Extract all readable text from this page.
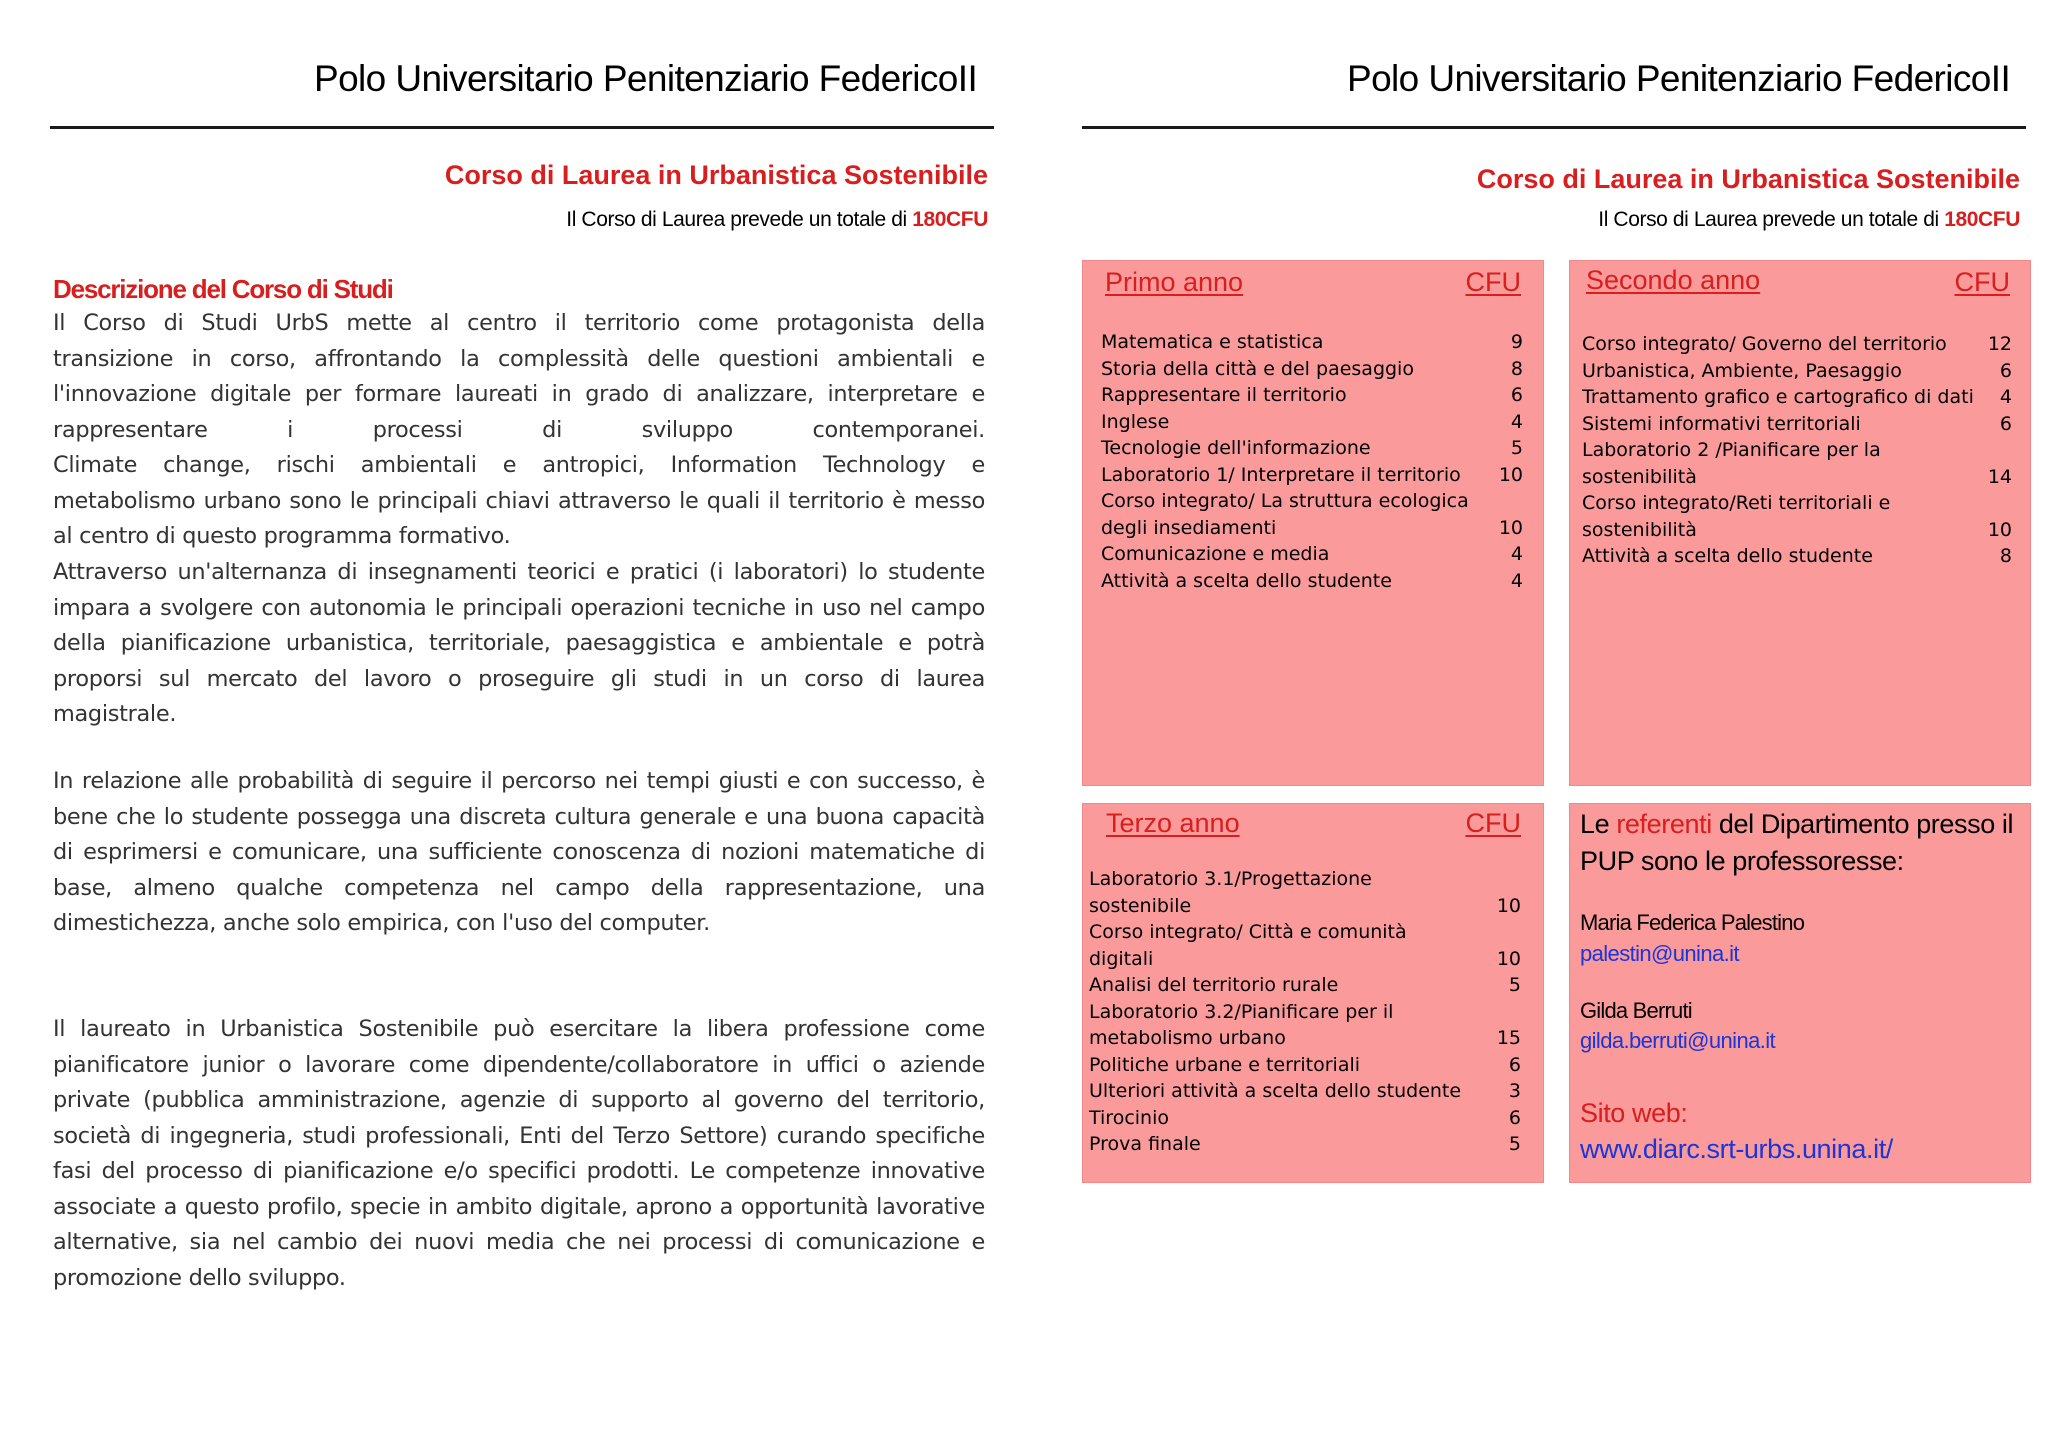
Polo Universitario Penitenziario FedericoII
Corso di Laurea in Urbanistica Sostenibile
Il Corso di Laurea prevede un totale di 180CFU
Descrizione del Corso di Studi
Il Corso di Studi UrbS mette al centro il territorio come protagonista della
transizione in corso, affrontando la complessità delle questioni ambientali e
l'innovazione digitale per formare laureati in grado di analizzare, interpretare e
rappresentare i processi di sviluppo contemporanei.
Climate change, rischi ambientali e antropici, Information Technology e
metabolismo urbano sono le principali chiavi attraverso le quali il territorio è messo
al centro di questo programma formativo.
Attraverso un'alternanza di insegnamenti teorici e pratici (i laboratori) lo studente
impara a svolgere con autonomia le principali operazioni tecniche in uso nel campo
della pianificazione urbanistica, territoriale, paesaggistica e ambientale e potrà
proporsi sul mercato del lavoro o proseguire gli studi in un corso di laurea
magistrale.
In relazione alle probabilità di seguire il percorso nei tempi giusti e con successo, è
bene che lo studente possegga una discreta cultura generale e una buona capacità
di esprimersi e comunicare, una sufficiente conoscenza di nozioni matematiche di
base, almeno qualche competenza nel campo della rappresentazione, una
dimestichezza, anche solo empirica, con l'uso del computer.
Il laureato in Urbanistica Sostenibile può esercitare la libera professione come
pianificatore junior o lavorare come dipendente/collaboratore in uffici o aziende
private (pubblica amministrazione, agenzie di supporto al governo del territorio,
società di ingegneria, studi professionali, Enti del Terzo Settore) curando specifiche
fasi del processo di pianificazione e/o specifici prodotti. Le competenze innovative
associate a questo profilo, specie in ambito digitale, aprono a opportunità lavorative
alternative, sia nel cambio dei nuovi media che nei processi di comunicazione e
promozione dello sviluppo.
Polo Universitario Penitenziario FedericoII
Corso di Laurea in Urbanistica Sostenibile
Il Corso di Laurea prevede un totale di 180CFU
Primo anno	CFU
Matematica e statistica	9
Storia della città e del paesaggio	8
Rappresentare il territorio	6
Inglese	4
Tecnologie dell'informazione	5
Laboratorio 1/ Interpretare il territorio 10
Corso integrato/ La struttura ecologica
degli insediamenti	10
Comunicazione e media	4
Attività a scelta dello studente	4
Secondo anno	CFU
Corso integrato/ Governo del territorio 12
Urbanistica, Ambiente, Paesaggio	6
Trattamento grafico e cartografico di dati 4
Sistemi informativi territoriali	6
Laboratorio 2 /Pianificare per la
sostenibilità	14
Corso integrato/Reti territoriali e
sostenibilità	10
Attività a scelta dello studente	8
Terzo anno	CFU
Laboratorio 3.1/Progettazione
sostenibile	10
Corso integrato/ Città e comunità
digitali	10
Analisi del territorio rurale	5
Laboratorio 3.2/Pianificare per il
metabolismo urbano	15
Politiche urbane e territoriali	6
Ulteriori attività a scelta dello studente	3
Tirocinio	6
Prova finale	5
Le referenti del Dipartimento presso il
PUP sono le professoresse:
Maria Federica Palestino
palestin@unina.it
Gilda Berruti
gilda.berruti@unina.it
Sito web:
www.diarc.srt-urbs.unina.it/
